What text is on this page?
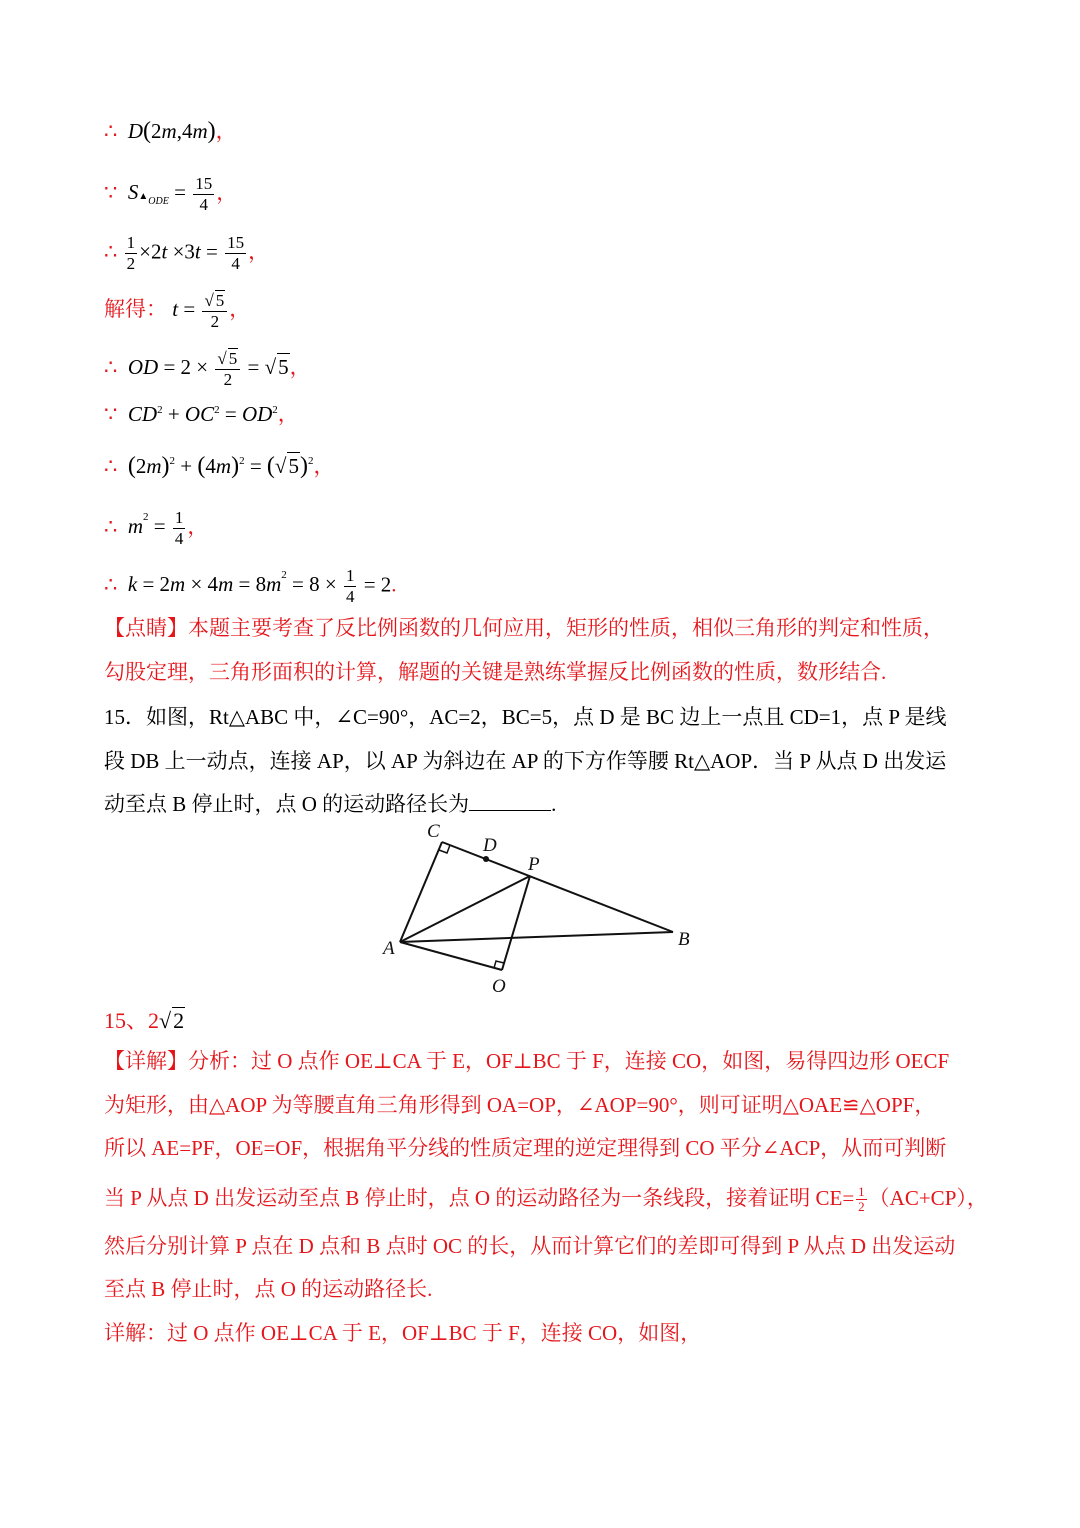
∴  D(2m,4m)，
∵ $S▲_{ODE} = \frac{15}{4}$ ，
∴ $\frac{1}{2} \times 2t \times 3t = \frac{15}{4}$ ，
解得： $t = \frac{√ 5}{2}$ ，
∴ OD = $2 \times \frac{√ 5}{2} = √5$，
∵ $CD^2 + OC^2 = OD^2$，
∴ $(2m)^2 + (4m)^2 = (√5)^2$，
∴ $m^2 = \frac{1}{4}$ ，
∴ $k = 2m \times 4m = 8m^2 = 8 \times \frac{1}{4} = 2$.
【点睛】本题主要考查了反比例函数的几何应用，矩形的性质，相似三角形的判定和性质，
勾股定理，三角形面积的计算，解题的关键是熟练掌握反比例函数的性质，数形结合.
15．如图，Rt△ABC 中，∠C=90°，AC=2，BC=5，点 D 是 BC 边上一点且 CD=1，点 P 是线
段 DB 上一动点，连接 AP，以 AP 为斜边在 AP 的下方作等腰 Rt△AOP．当 P 从点 D 出发运
动至点 B 停止时，点 O 的运动路径长为	.
C
D
P
A	B
O
15、2√2
【详解】分析：过 O 点作 OE⊥CA 于 E，OF⊥BC 于 F，连接 CO，如图，易得四边形 OECF
为矩形，由△AOP 为等腰直角三角形得到 OA=OP，∠AOP=90°，则可证明△OAE≌△OPF，
所以 AE=PF，OE=OF，根据角平分线的性质定理的逆定理得到 CO 平分∠ACP，从而可判断
当 P 从点 D 出发运动至点 B 停止时，点 O 的运动路径为一条线段，接着证明 $CE= \frac{1}{2} (AC+CP)$，
然后分别计算 P 点在 D 点和 B 点时 OC 的长，从而计算它们的差即可得到 P 从点 D 出发运动
至点 B 停止时，点 O 的运动路径长.
详解：过 O 点作 OE⊥CA 于 E，OF⊥BC 于 F，连接 CO，如图，
